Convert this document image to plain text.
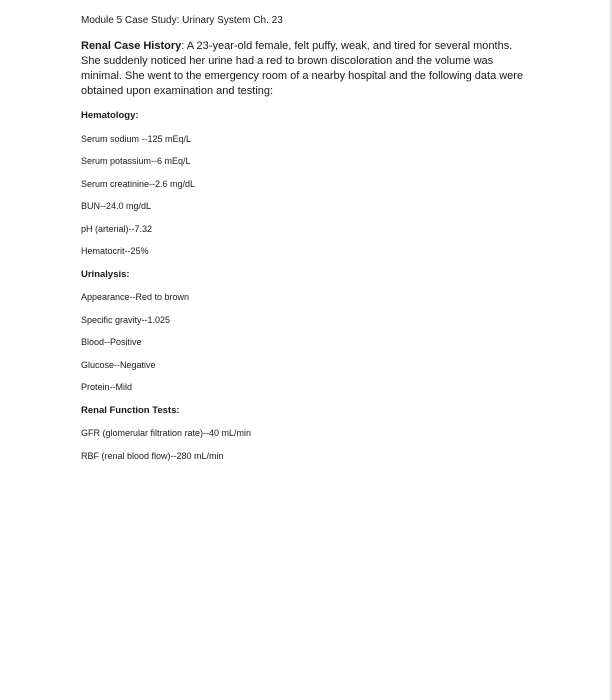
Module 5 Case Study: Urinary System Ch. 23

Renal Case History: A 23-year-old female, felt puffy, weak, and tired for several months. She suddenly noticed her urine had a red to brown discoloration and the volume was minimal. She went to the emergency room of a nearby hospital and the following data were obtained upon examination and testing:

Hematology:
Serum sodium --125 mEq/L
Serum potassium--6 mEq/L
Serum creatinine--2.6 mg/dL
BUN--24.0 mg/dL
pH (arterial)--7.32
Hematocrit--25%
Urinalysis:
Appearance--Red to brown
Specific gravity--1.025
Blood--Positive
Glucose--Negative
Protein--Mild
Renal Function Tests:
GFR (glomerular filtration rate)--40 mL/min
RBF (renal blood flow)--280 mL/min
